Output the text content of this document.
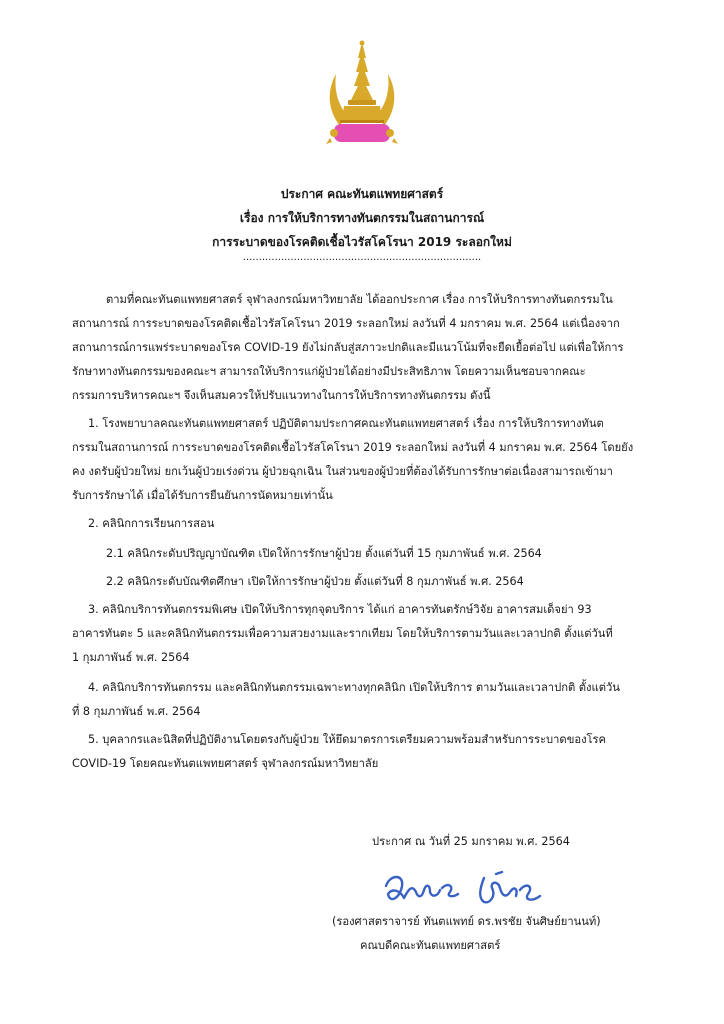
ประกาศ คณะทันตแพทยศาสตร์
เรื่อง การให้บริการทางทันตกรรมในสถานการณ์
การระบาดของโรคติดเชื้อไวรัสโคโรนา 2019 ระลอกใหม่
...........................................................................
ตามที่คณะทันตแพทยศาสตร์ จุฬาลงกรณ์มหาวิทยาลัย ได้ออกประกาศ เรื่อง การให้บริการทางทันตกรรมใน
สถานการณ์ การระบาดของโรคติดเชื้อไวรัสโคโรนา 2019 ระลอกใหม่ ลงวันที่ 4 มกราคม พ.ศ. 2564 แต่เนื่องจาก
สถานการณ์การแพร่ระบาดของโรค COVID-19 ยังไม่กลับสู่สภาวะปกติและมีแนวโน้มที่จะยืดเยื้อต่อไป แต่เพื่อให้การ
รักษาทางทันตกรรมของคณะฯ สามารถให้บริการแก่ผู้ป่วยได้อย่างมีประสิทธิภาพ โดยความเห็นชอบจากคณะ
กรรมการบริหารคณะฯ จึงเห็นสมควรให้ปรับแนวทางในการให้บริการทางทันตกรรม ดังนี้
1. โรงพยาบาลคณะทันตแพทยศาสตร์ ปฏิบัติตามประกาศคณะทันตแพทยศาสตร์ เรื่อง การให้บริการทางทันต
กรรมในสถานการณ์ การระบาดของโรคติดเชื้อไวรัสโคโรนา 2019 ระลอกใหม่ ลงวันที่ 4 มกราคม พ.ศ. 2564 โดยยัง
คง งดรับผู้ป่วยใหม่ ยกเว้นผู้ป่วยเร่งด่วน ผู้ป่วยฉุกเฉิน ในส่วนของผู้ป่วยที่ต้องได้รับการรักษาต่อเนื่องสามารถเข้ามา
รับการรักษาได้ เมื่อได้รับการยืนยันการนัดหมายเท่านั้น
2. คลินิกการเรียนการสอน
2.1 คลินิกระดับปริญญาบัณฑิต เปิดให้การรักษาผู้ป่วย ตั้งแต่วันที่ 15 กุมภาพันธ์ พ.ศ. 2564
2.2 คลินิกระดับบัณฑิตศึกษา เปิดให้การรักษาผู้ป่วย ตั้งแต่วันที่ 8 กุมภาพันธ์ พ.ศ. 2564
3. คลินิกบริการทันตกรรมพิเศษ เปิดให้บริการทุกจุดบริการ ได้แก่ อาคารทันตรักษ์วิจัย อาคารสมเด็จย่า 93
อาคารทันตะ 5 และคลินิกทันตกรรมเพื่อความสวยงามและรากเทียม โดยให้บริการตามวันและเวลาปกติ ตั้งแต่วันที่
1 กุมภาพันธ์ พ.ศ. 2564
4. คลินิกบริการทันตกรรม และคลินิกทันตกรรมเฉพาะทางทุกคลินิก เปิดให้บริการ ตามวันและเวลาปกติ ตั้งแต่วัน
ที่ 8 กุมภาพันธ์ พ.ศ. 2564
5. บุคลากรและนิสิตที่ปฏิบัติงานโดยตรงกับผู้ป่วย ให้ยึดมาตรการเตรียมความพร้อมสำหรับการระบาดของโรค
COVID-19 โดยคณะทันตแพทยศาสตร์ จุฬาลงกรณ์มหาวิทยาลัย
ประกาศ ณ วันที่ 25 มกราคม พ.ศ. 2564
(รองศาสตราจารย์ ทันตแพทย์ ดร.พรชัย จันศิษย์ยานนท์)
คณบดีคณะทันตแพทยศาสตร์
